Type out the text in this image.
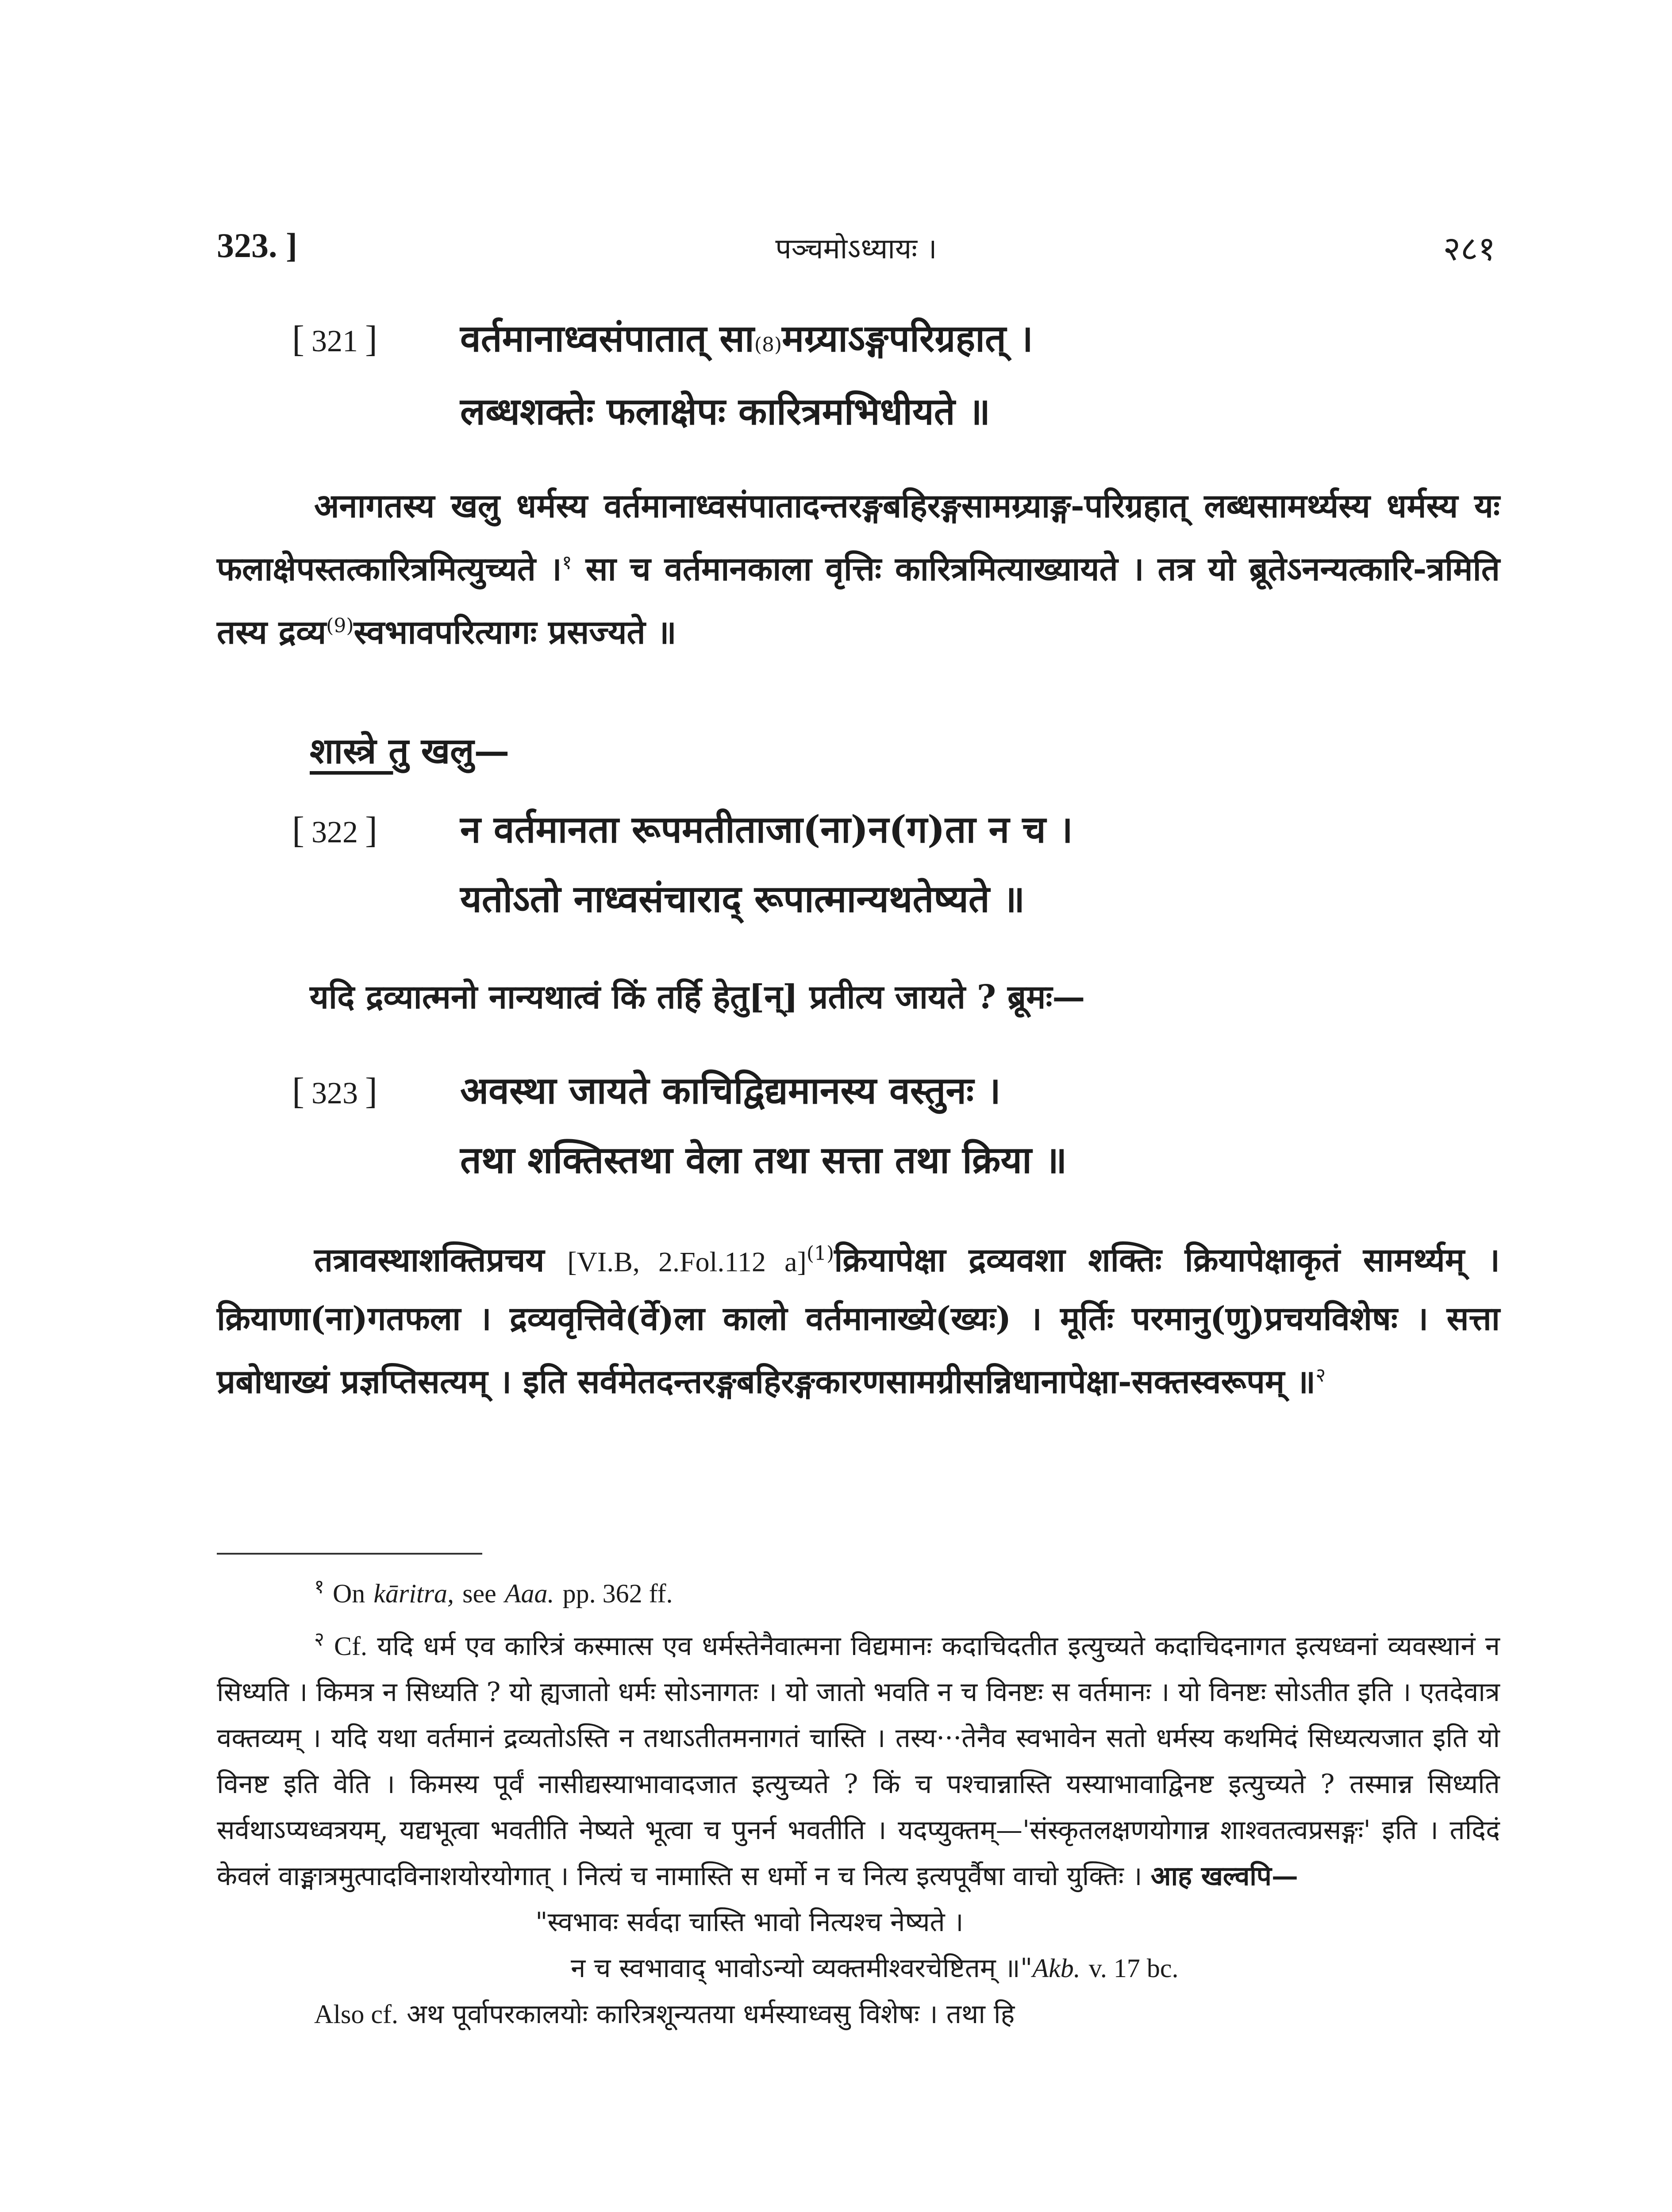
323. ]	पञ्चमोऽध्यायः ।	२८१
[ 321 ]	वर्तमानाध्वसंपातात् सा (8) मग्र्याऽङ्गपरिग्रहात् ।
लब्धशक्तेः फलाक्षेपः कारित्रमभिधीयते ॥

अनागतस्य खलु धर्मस्य वर्तमानाध्वसंपातादन्तरङ्गबहिरङ्गसामग्र्याङ्ग-परिग्रहात् लब्धसामर्थ्यस्य धर्मस्य यः फलाक्षेपस्तत्कारित्रमित्युच्यते ।$^१$ सा च वर्तमानकाला वृत्तिः कारित्रमित्याख्यायते । तत्र यो ब्रूतेऽनन्यत्कारि-त्रमिति तस्य द्रव्य$^{(9)}$स्वभावपरित्यागः प्रसज्यते ॥

शास्त्रे तु खलु—
[ 322 ]	न वर्तमानता रूपमतीताजा(ना)न(ग)ता न च ।
यतोऽतो नाध्वसंचाराद् रूपात्मान्यथतेष्यते ॥

यदि द्रव्यात्मनो नान्यथात्वं किं तर्हि हेतु[न्] प्रतीत्य जायते ? ब्रूमः—

[ 323 ]	अवस्था जायते काचिद्विद्यमानस्य वस्तुनः ।
तथा शक्तिस्तथा वेला तथा सत्ता तथा क्रिया ॥

तत्रावस्थाशक्तिप्रचय [VI.B, 2.Fol.112 a]$^{(1)}$क्रियापेक्षा द्रव्यवशा शक्तिः क्रियापेक्षाकृतं सामर्थ्यम् । क्रियाणा(ना)गतफला । द्रव्यवृत्तिवे(र्वे)ला कालो वर्तमानाख्ये(ख्यः) । मूर्तिः परमानु(णु)प्रचयविशेषः । सत्ता प्रबोधाख्यं प्रज्ञप्तिसत्यम् । इति सर्वमेतदन्तरङ्गबहिरङ्गकारणसामग्रीसन्निधानापेक्षा-सक्तस्वरूपम् ॥$^२$

$^१$ On kāritra, see Aaa. pp. 362 ff.

$^२$ Cf. यदि धर्म एव कारित्रं कस्मात्स एव धर्मस्तेनैवात्मना विद्यमानः कदाचिदतीत इत्युच्यते कदाचिदनागत इत्यध्वनां व्यवस्थानं न सिध्यति । किमत्र न सिध्यति ? यो ह्यजातो धर्मः सोऽनागतः । यो जातो भवति न च विनष्टः स वर्तमानः । यो विनष्टः सोऽतीत इति । एतदेवात्र वक्तव्यम् । यदि यथा वर्तमानं द्रव्यतोऽस्ति न तथाऽतीतमनागतं चास्ति । तस्य···तेनैव स्वभावेन सतो धर्मस्य कथमिदं सिध्यत्यजात इति यो विनष्ट इति वेति । किमस्य पूर्वं नासीद्यस्याभावादजात इत्युच्यते ? किं च पश्चान्नास्ति यस्याभावाद्विनष्ट इत्युच्यते ? तस्मान्न सिध्यति सर्वथाऽप्यध्वत्रयम्, यद्यभूत्वा भवतीति नेष्यते भूत्वा च पुनर्न भवतीति । यदप्युक्तम्—'संस्कृतलक्षणयोगान्न शाश्वतत्वप्रसङ्गः' इति । तदिदं केवलं वाङ्मात्रमुत्पादविनाशयोरयोगात् । नित्यं च नामास्ति स धर्मो न च नित्य इत्यपूर्वैषा वाचो युक्तिः । आह खल्वपि—

"स्वभावः सर्वदा चास्ति भावो नित्यश्च नेष्यते ।

न च स्वभावाद् भावोऽन्यो व्यक्तमीश्वरचेष्टितम् ॥"Akb. v. 17 bc.

Also cf. अथ पूर्वापरकालयोः कारित्रशून्यतया धर्मस्याध्वसु विशेषः । तथा हि
